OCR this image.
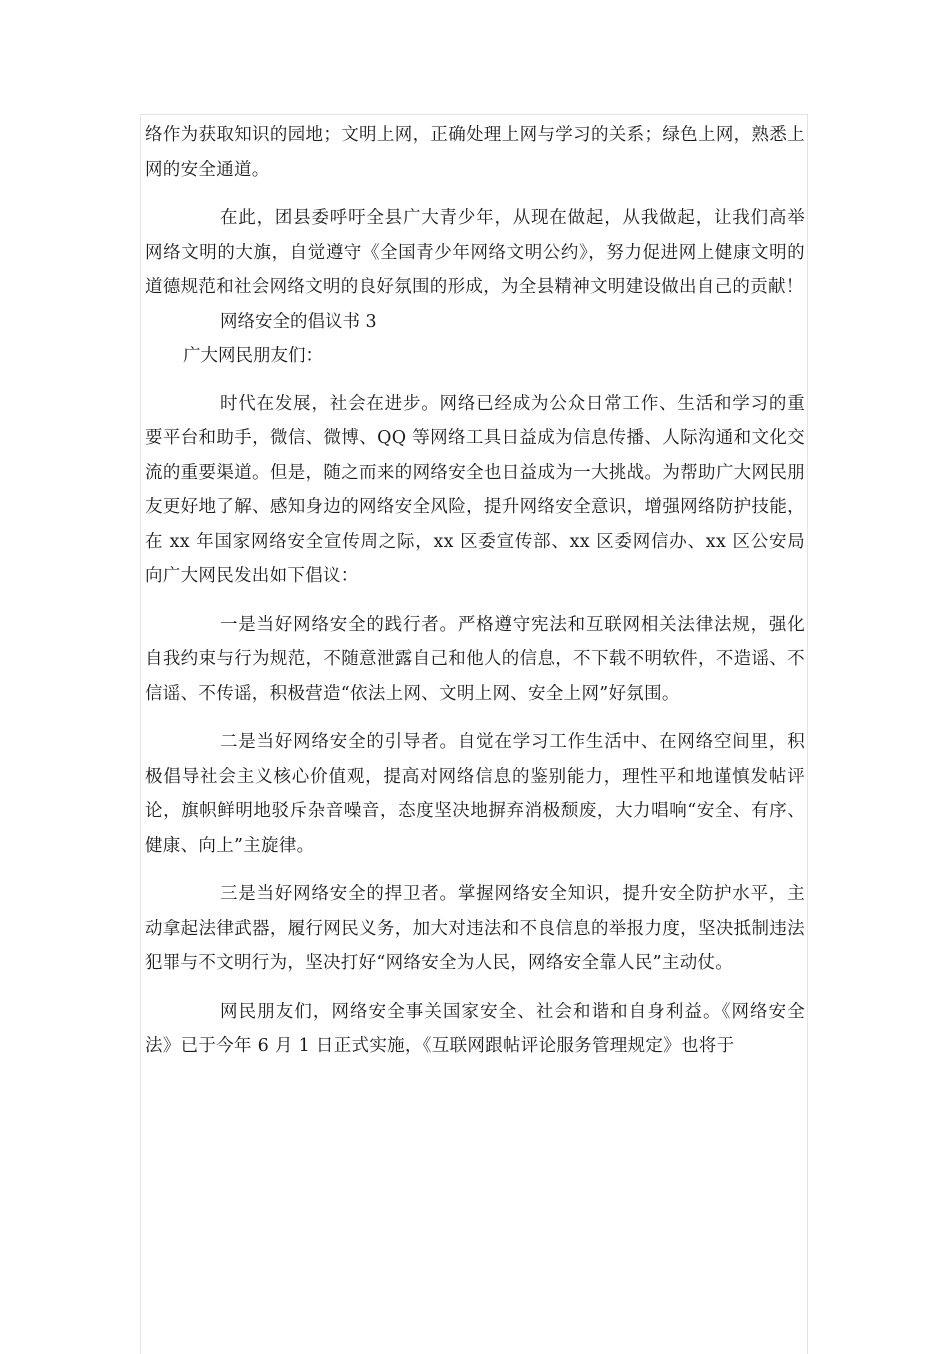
络作为获取知识的园地；文明上网，正确处理上网与学习的关系；绿色上网，熟悉上网的安全通道。

在此，团县委呼吁全县广大青少年，从现在做起，从我做起，让我们高举网络文明的大旗，自觉遵守《全国青少年网络文明公约》，努力促进网上健康文明的道德规范和社会网络文明的良好氛围的形成，为全县精神文明建设做出自己的贡献！

网络安全的倡议书 3

广大网民朋友们：

时代在发展，社会在进步。网络已经成为公众日常工作、生活和学习的重要平台和助手，微信、微博、QQ 等网络工具日益成为信息传播、人际沟通和文化交流的重要渠道。但是，随之而来的网络安全也日益成为一大挑战。为帮助广大网民朋友更好地了解、感知身边的网络安全风险，提升网络安全意识，增强网络防护技能，在 xx 年国家网络安全宣传周之际，xx 区委宣传部、xx 区委网信办、xx 区公安局向广大网民发出如下倡议：

一是当好网络安全的践行者。严格遵守宪法和互联网相关法律法规，强化自我约束与行为规范，不随意泄露自己和他人的信息，不下载不明软件，不造谣、不信谣、不传谣，积极营造“依法上网、文明上网、安全上网”好氛围。

二是当好网络安全的引导者。自觉在学习工作生活中、在网络空间里，积极倡导社会主义核心价值观，提高对网络信息的鉴别能力，理性平和地谨慎发帖评论，旗帜鲜明地驳斥杂音噪音，态度坚决地摒弃消极颓废，大力唱响“安全、有序、健康、向上”主旋律。

三是当好网络安全的捍卫者。掌握网络安全知识，提升安全防护水平，主动拿起法律武器，履行网民义务，加大对违法和不良信息的举报力度，坚决抵制违法犯罪与不文明行为，坚决打好“网络安全为人民，网络安全靠人民”主动仗。

网民朋友们，网络安全事关国家安全、社会和谐和自身利益。《网络安全法》已于今年 6 月 1 日正式实施，《互联网跟帖评论服务管理规定》也将于
